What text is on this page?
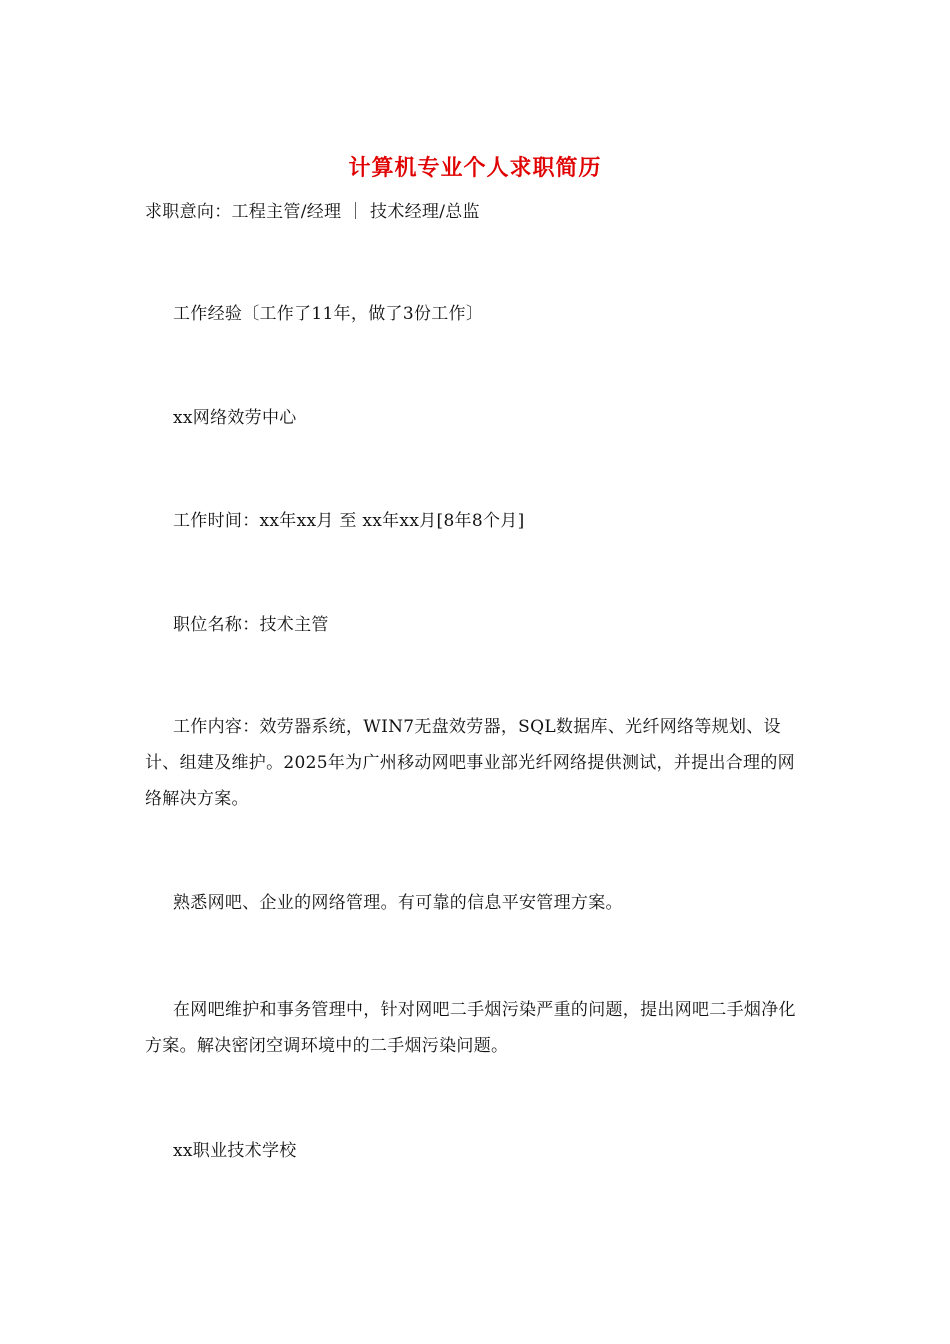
计算机专业个人求职简历
求职意向：工程主管/经理 ｜ 技术经理/总监
工作经验〔工作了11年，做了3份工作〕
xx网络效劳中心
工作时间：xx年xx月 至 xx年xx月[8年8个月]
职位名称：技术主管
工作内容：效劳器系统，WIN7无盘效劳器，SQL数据库、光纤网络等规划、设计、组建及维护。2025年为广州移动网吧事业部光纤网络提供测试，并提出合理的网络解决方案。
熟悉网吧、企业的网络管理。有可靠的信息平安管理方案。
在网吧维护和事务管理中，针对网吧二手烟污染严重的问题，提出网吧二手烟净化方案。解决密闭空调环境中的二手烟污染问题。
xx职业技术学校
